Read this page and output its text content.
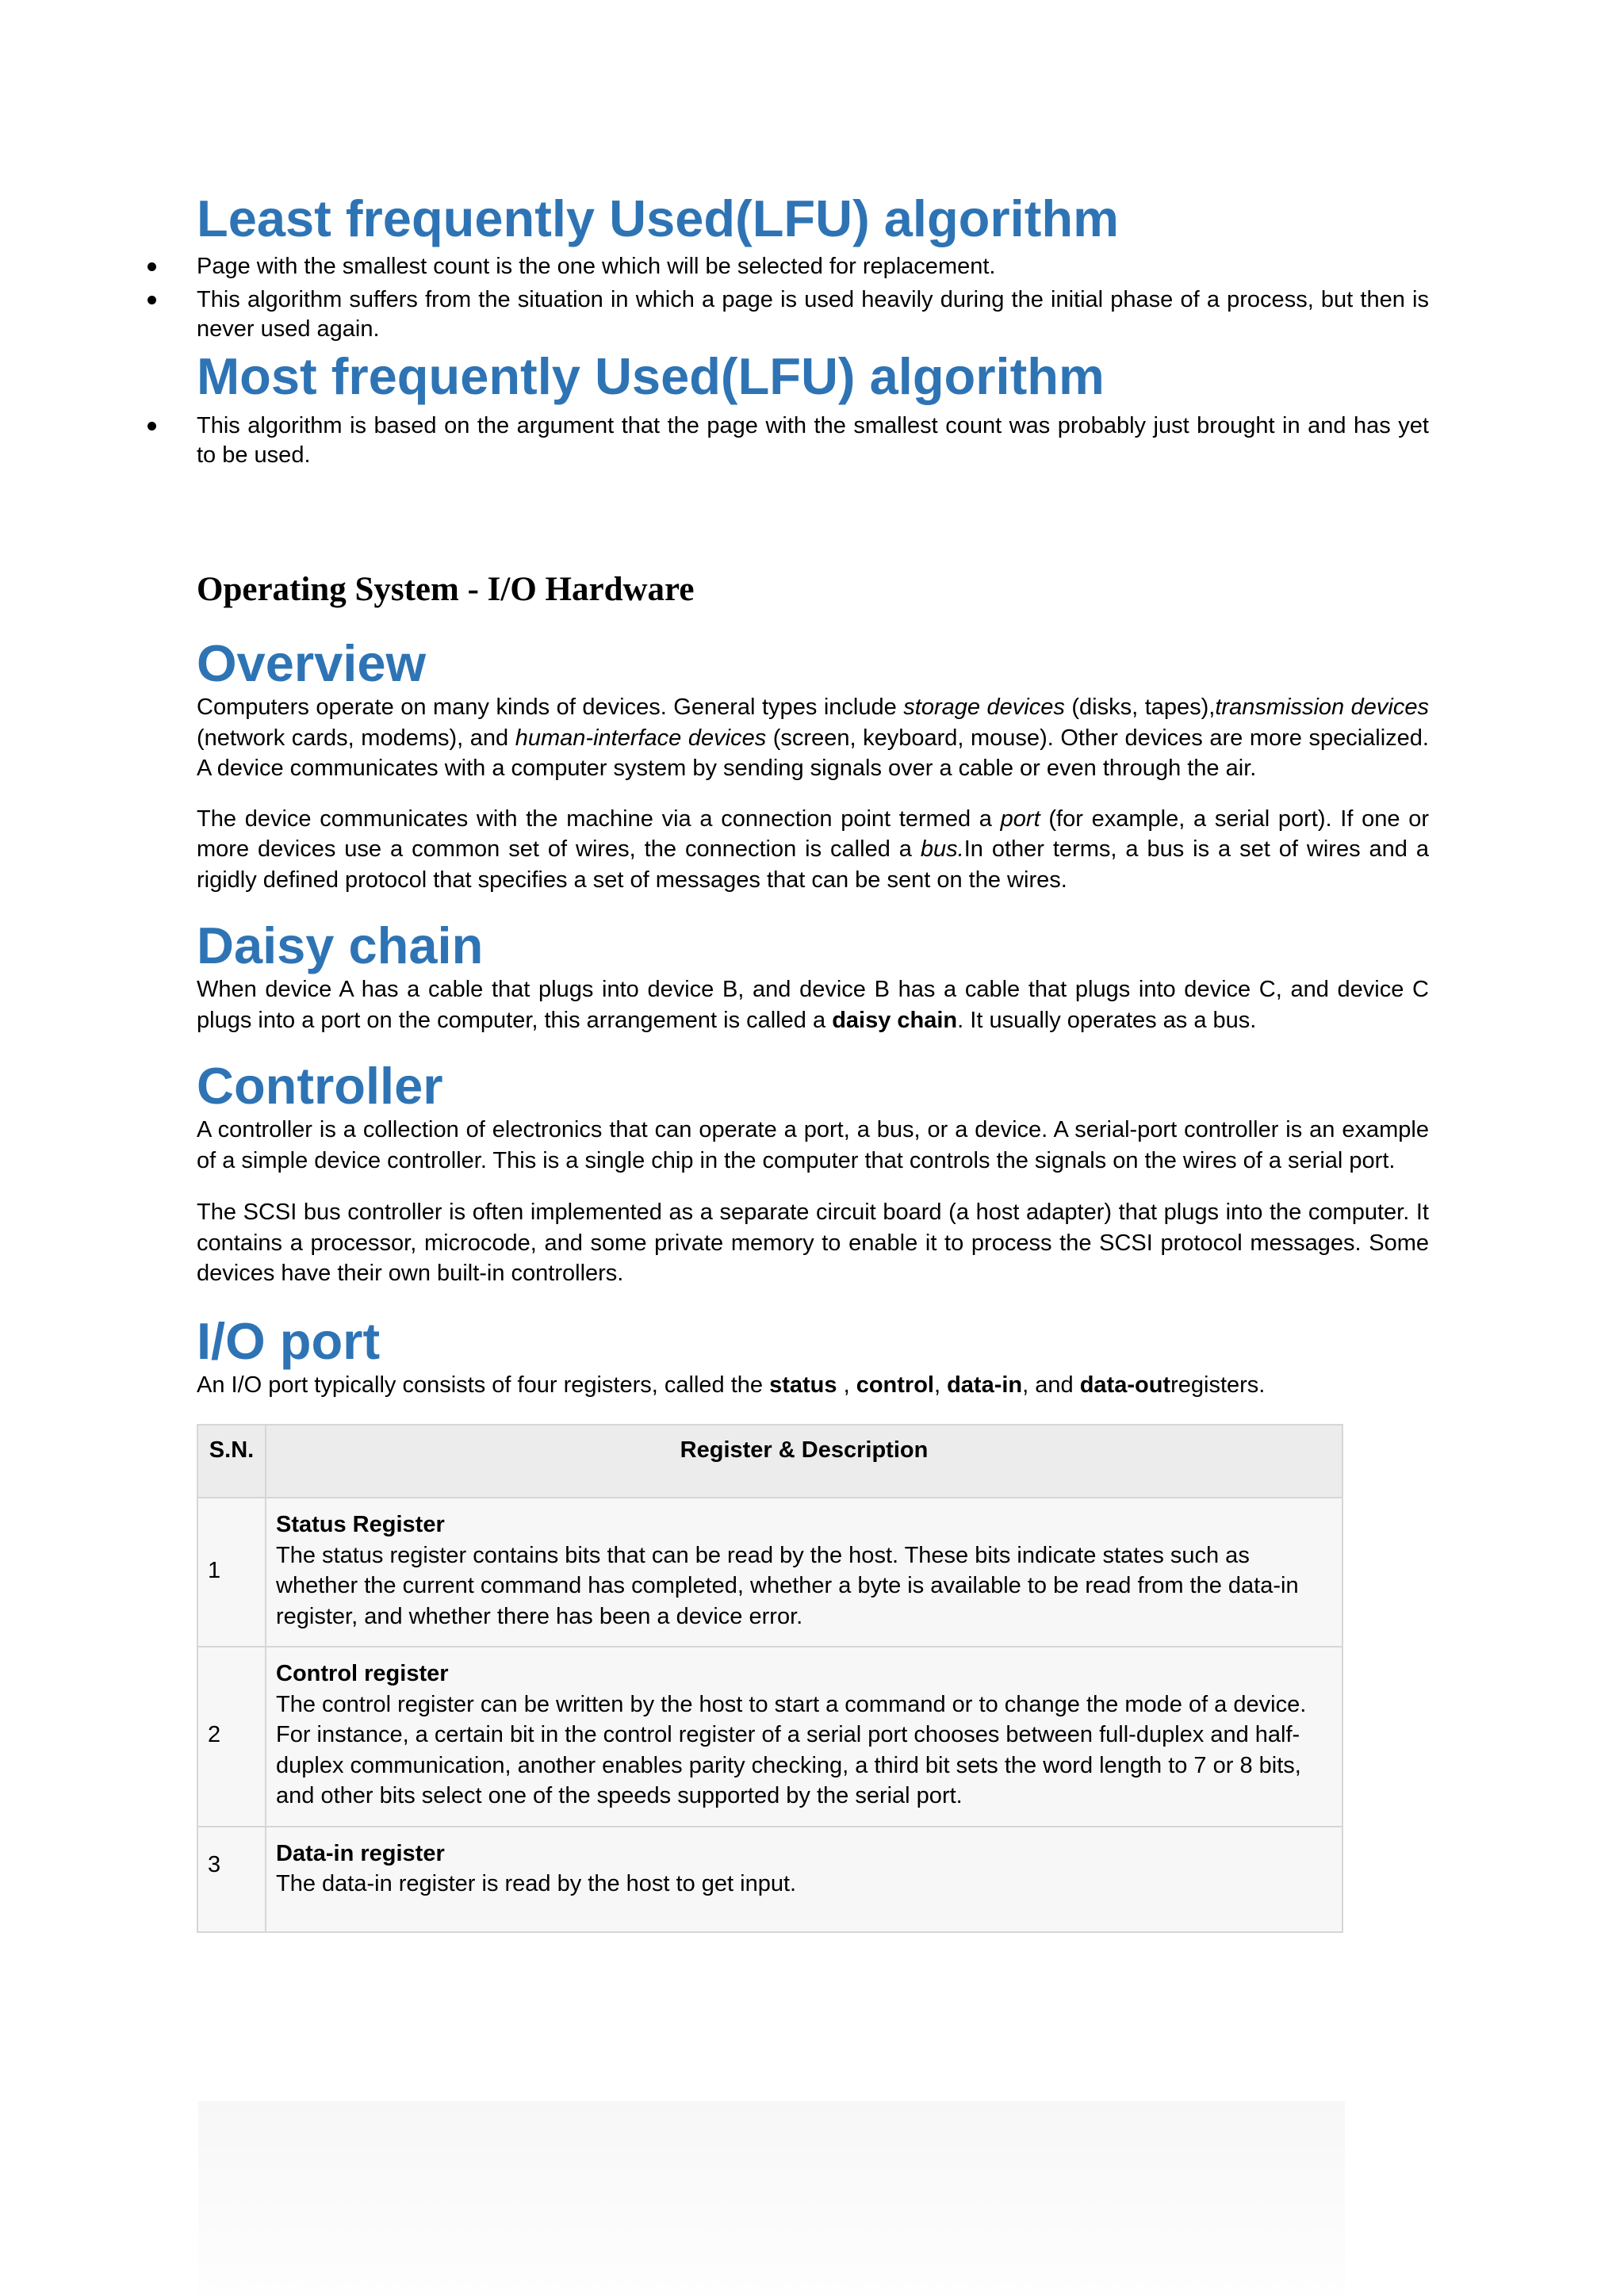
Least frequently Used(LFU) algorithm
Page with the smallest count is the one which will be selected for replacement.
This algorithm suffers from the situation in which a page is used heavily during the initial phase of a process, but then is never used again.
Most frequently Used(LFU) algorithm
This algorithm is based on the argument that the page with the smallest count was probably just brought in and has yet to be used.
Operating System - I/O Hardware
Overview

Computers operate on many kinds of devices. General types include storage devices (disks, tapes),transmission devices (network cards, modems), and human-interface devices (screen, keyboard, mouse). Other devices are more specialized. A device communicates with a computer system by sending signals over a cable or even through the air.

The device communicates with the machine via a connection point termed a port (for example, a serial port). If one or more devices use a common set of wires, the connection is called a bus.In other terms, a bus is a set of wires and a rigidly defined protocol that specifies a set of messages that can be sent on the wires.

Daisy chain

When device A has a cable that plugs into device B, and device B has a cable that plugs into device C, and device C plugs into a port on the computer, this arrangement is called a daisy chain. It usually operates as a bus.

Controller

A controller is a collection of electronics that can operate a port, a bus, or a device. A serial-port controller is an example of a simple device controller. This is a single chip in the computer that controls the signals on the wires of a serial port.

The SCSI bus controller is often implemented as a separate circuit board (a host adapter) that plugs into the computer. It contains a processor, microcode, and some private memory to enable it to process the SCSI protocol messages. Some devices have their own built-in controllers.

I/O port

An I/O port typically consists of four registers, called the status , control, data-in, and data-outregisters.

S.N.	Register & Description
1	Status Register
The status register contains bits that can be read by the host. These bits indicate states such as whether the current command has completed, whether a byte is available to be read from the data-in register, and whether there has been a device error.
2	Control register
The control register can be written by the host to start a command or to change the mode of a device. For instance, a certain bit in the control register of a serial port chooses between full-duplex and half-duplex communication, another enables parity checking, a third bit sets the word length to 7 or 8 bits, and other bits select one of the speeds supported by the serial port.
3	Data-in register
The data-in register is read by the host to get input.
